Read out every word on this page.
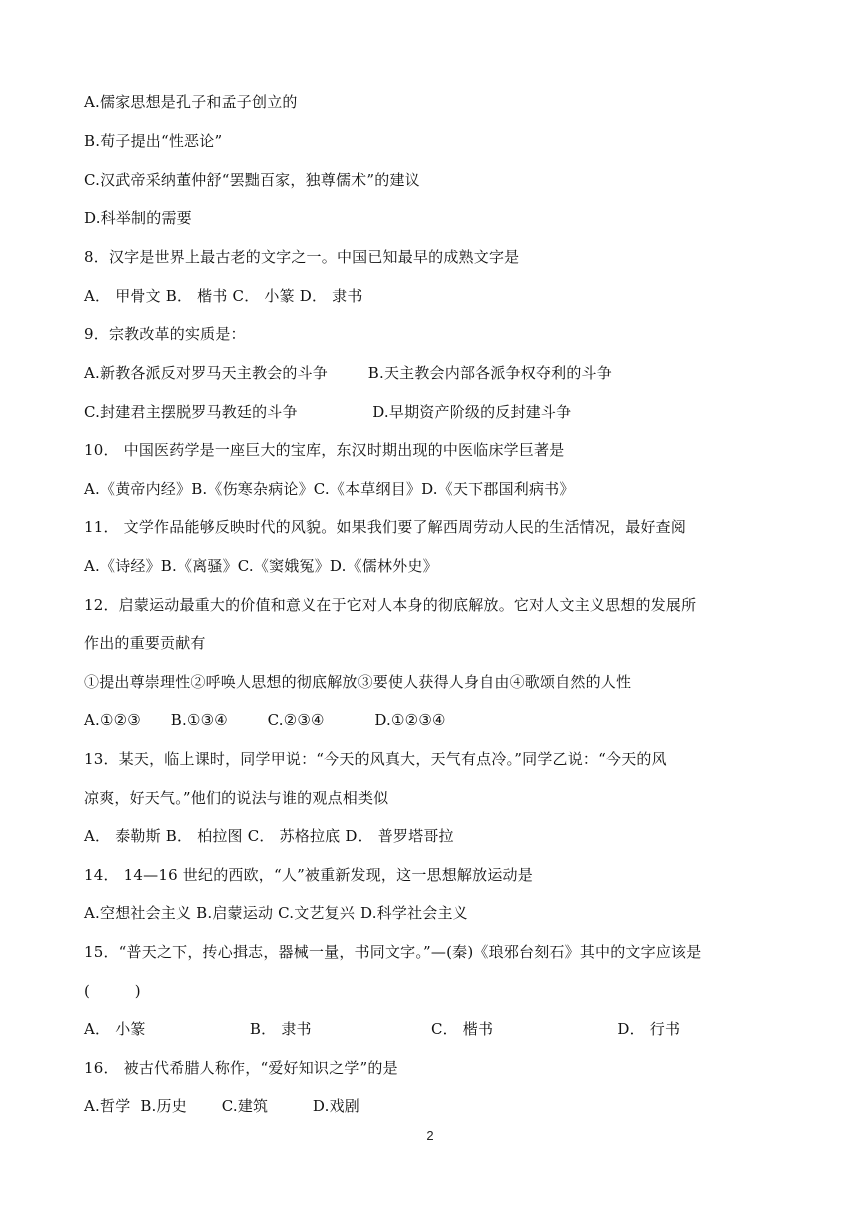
A.儒家思想是孔子和孟子创立的
B.荀子提出“性恶论”
C.汉武帝采纳董仲舒“罢黜百家，独尊儒术”的建议
D.科举制的需要
8．汉字是世界上最古老的文字之一。中国已知最早的成熟文字是
A． 甲骨文 B． 楷书 C． 小篆 D． 隶书
9．宗教改革的实质是：
A.新教各派反对罗马天主教会的斗争        B.天主教会内部各派争权夺利的斗争
C.封建君主摆脱罗马教廷的斗争               D.早期资产阶级的反封建斗争
10． 中国医药学是一座巨大的宝库，东汉时期出现的中医临床学巨著是
A.《黄帝内经》B.《伤寒杂病论》C.《本草纲目》D.《天下郡国利病书》
11． 文学作品能够反映时代的风貌。如果我们要了解西周劳动人民的生活情况，最好查阅
A.《诗经》B.《离骚》C.《窦娥冤》D.《儒林外史》
12．启蒙运动最重大的价值和意义在于它对人本身的彻底解放。它对人文主义思想的发展所
作出的重要贡献有
①提出尊崇理性②呼唤人思想的彻底解放③要使人获得人身自由④歌颂自然的人性
A.①②③      B.①③④        C.②③④          D.①②③④
13．某天，临上课时，同学甲说：“今天的风真大，天气有点冷。”同学乙说：“今天的风
凉爽，好天气。”他们的说法与谁的观点相类似
A． 泰勒斯 B． 柏拉图 C． 苏格拉底 D． 普罗塔哥拉
14． 14—16 世纪的西欧，“人”被重新发现，这一思想解放运动是
A.空想社会主义 B.启蒙运动 C.文艺复兴 D.科学社会主义
15．“普天之下，抟心揖志，器械一量，书同文字。”—(秦)《琅邪台刻石》其中的文字应该是
(         )
A． 小篆                     B． 隶书                        C． 楷书                         D． 行书
16． 被古代希腊人称作，“爱好知识之学”的是
A.哲学  B.历史       C.建筑         D.戏剧
2
